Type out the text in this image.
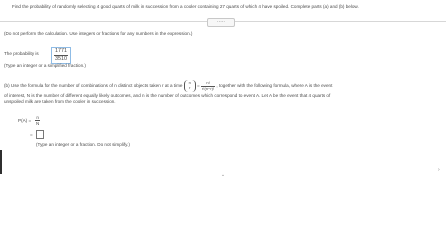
Find the probability of randomly selecting 4 good quarts of milk in succession from a cooler containing 27 quarts of which 4 have spoiled. Complete parts (a) and (b) below.
·····
(Do not perform the calculation. Use integers or fractions for any numbers in the expression.)
The probability is	$\frac{1771}{3510}$
(Type an integer or a simplified fraction.)
(b) Use the formula for the number of combinations of n distinct objects taken r at a time
n
r	= $\frac{n!}{r!(n-r)!}$ , together with the following formula, where A is the event
of interest, N is the number of different equally likely outcomes, and n is the number of outcomes which correspond to event A. Let A be the event that 4 quarts of
unspoiled milk are taken from the cooler in succession.
$P(A) = \frac{n}{N}$
=
(Type an integer or a fraction. Do not simplify.)
⌄
›
